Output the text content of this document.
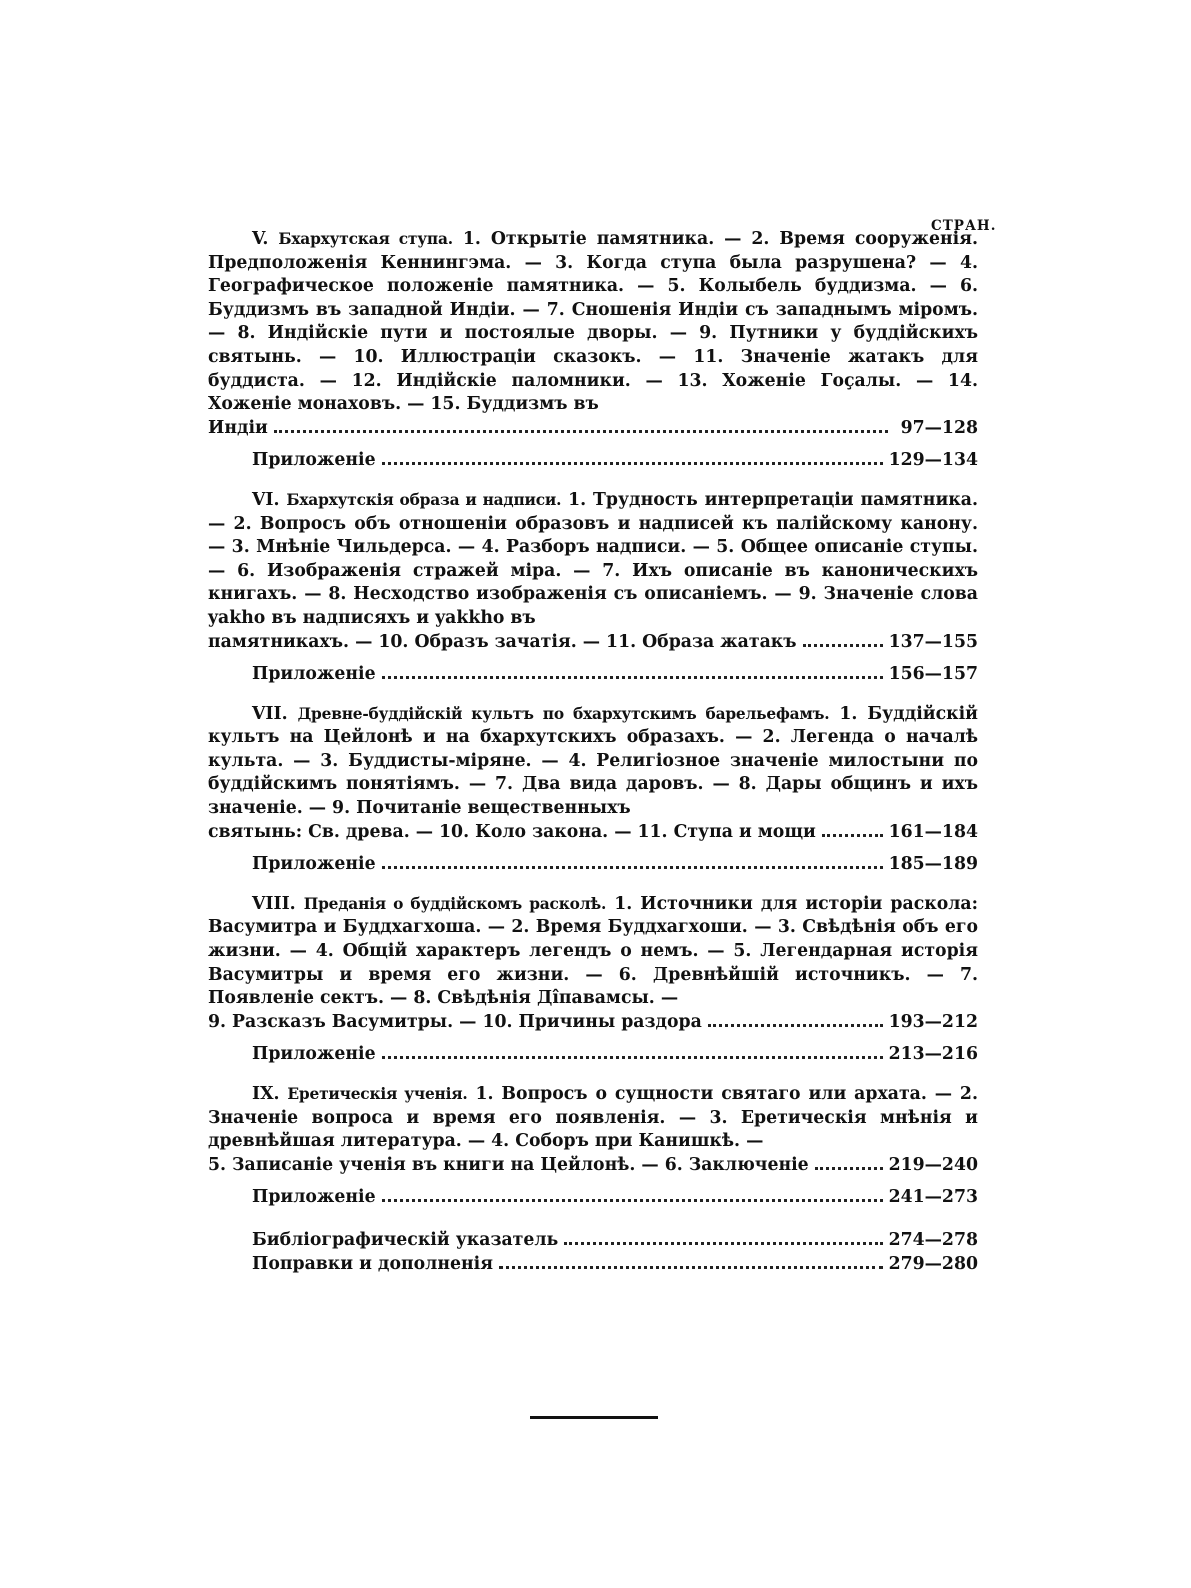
СТРАН.

V. Бхархутская ступа. 1. Открытіе памятника. — 2. Время сооруженія. Предположенія Кеннингэма. — 3. Когда ступа была разрушена? — 4. Географическое положеніе памятника. — 5. Колыбель буддизма. — 6. Буддизмъ въ западной Индіи. — 7. Сношенія Индіи съ западнымъ міромъ. — 8. Индійскіе пути и постоялые дворы. — 9. Путники у буддійскихъ святынь. — 10. Иллюстраціи сказокъ. — 11. Значеніе жатакъ для буддиста. — 12. Индійскіе паломники. — 13. Хоженіе Гоçалы. — 14. Хоженіе монаховъ. — 15. Буддизмъ въ

Индіи	97—128
Приложеніе	129—134

VI. Бхархутскія образа и надписи. 1. Трудность интерпретаціи памятника. — 2. Вопросъ объ отношеніи образовъ и надписей къ палійскому канону. — 3. Мнѣніе Чильдерса. — 4. Разборъ надписи. — 5. Общее описаніе ступы. — 6. Изображенія стражей міра. — 7. Ихъ описаніе въ каноническихъ книгахъ. — 8. Несходство изображенія съ описаніемъ. — 9. Значеніе слова yakho въ надписяхъ и yakkho въ

памятникахъ. — 10. Образъ зачатія. — 11. Образа жатакъ	137—155
Приложеніе	156—157

VII. Древне-буддійскій культъ по бхархутскимъ барельефамъ. 1. Буддійскій культъ на Цейлонѣ и на бхархутскихъ образахъ. — 2. Легенда о началѣ культа. — 3. Буддисты-міряне. — 4. Религіозное значеніе милостыни по буддійскимъ понятіямъ. — 7. Два вида даровъ. — 8. Дары общинъ и ихъ значеніе. — 9. Почитаніе вещественныхъ

святынь: Св. древа. — 10. Коло закона. — 11. Ступа и мощи	161—184
Приложеніе	185—189

VIII. Преданія о буддійскомъ расколѣ. 1. Источники для исторіи раскола: Васумитра и Буддхагхоша. — 2. Время Буддхагхоши. — 3. Свѣдѣнія объ его жизни. — 4. Общій характеръ легендъ о немъ. — 5. Легендарная исторія Васумитры и время его жизни. — 6. Древнѣйшій источникъ. — 7. Появленіе сектъ. — 8. Свѣдѣнія Дîпавамсы. —

9. Разсказъ Васумитры. — 10. Причины раздора	193—212
Приложеніе	213—216

IX. Еретическія ученія. 1. Вопросъ о сущности святаго или архата. — 2. Значеніе вопроса и время его появленія. — 3. Еретическія мнѣнія и древнѣйшая литература. — 4. Соборъ при Канишкѣ. —

5. Записаніе ученія въ книги на Цейлонѣ. — 6. Заключеніе	219—240
Приложеніе	241—273
Библіографическій указатель	274—278
Поправки и дополненія	279—280
